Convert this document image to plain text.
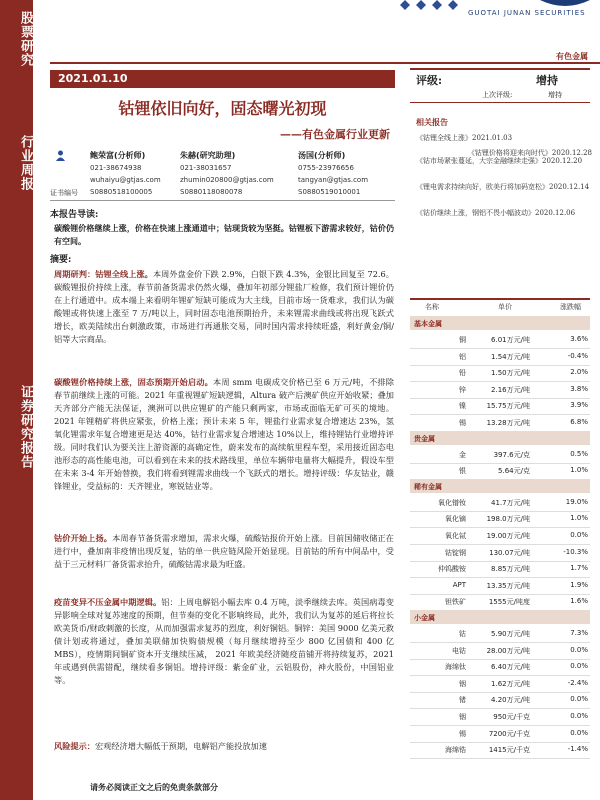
股票研究
行业周报
证券研究报告
GUOTAI JUNAN SECURITIES
有色金属
2021.01.10
钴锂依旧向好，固态曙光初现
——有色金属行业更新
鲍荣富(分析师)
021-38674938
wuhaiyu@gtjas.com
S0880518100005
朱赫(研究助理)
021-38031657
zhumin020800@gtjas.com
S0880118080078
汤国(分析师)
0755-23976656
tangyan@gtjas.com
S0880519010001
证书编号
本报告导读:
碳酸锂价格继续上涨，价格在快速上涨通道中；钴现货较为坚挺。钴锂板下游需求较好，钴价仍有空间。
摘要:
周期研判：钴锂全线上涨。本周外盘金价下跌 2.9%，白银下跌 4.3%，金银比回复至 72.6。碳酸锂报价持续上涨，春节前备货需求仍然火爆，叠加年初部分锂盐厂检修，我们预计锂价仍在上行通道中。成本端上来看明年锂矿短缺可能成为大主线，目前市场一货难求，我们认为碳酸锂或将快速上涨至 7 万/吨以上，同时固态电池预期抬升，未来锂需求曲线或将出现飞跃式增长，欧美陆续出台刺激政策，市场进行再通胀交易，同时国内需求持续旺盛，利好黄金/铜/铝等大宗商品。
碳酸锂价格持续上涨，固态预期开始启动。本周 smm 电碳成交价格已至 6 万元/吨，不排除春节前继续上涨的可能。2021 年重视锂矿短缺逻辑，Altura 破产后澳矿供应开始收紧；叠加天齐部分产能无法保证，澳洲可以供应锂矿的产能只剩两家，市场或面临无矿可买的境地。 2021 年锂精矿将供应紧张，价格上涨；预计未来 5 年，锂盐行业需求复合增速达 23%，氢氧化锂需求年复合增速更是达 40%，钴行业需求复合增速达 10%以上，维持锂钴行业增持评级。同时我们认为要关注上游资源的高确定性，蔚来发布的高续航里程车型，采用接近固态电池形态的高性能电池，可以看到在未来的技术路线里，单位车辆带电量将大幅提升，假设车型在未来 3-4 年开始替换，我们将看到锂需求曲线一个飞跃式的增长。增持评级：华友钴业，赣锋锂业，受益标的：天齐锂业，寒锐钴业等。
钴价开始上扬。本周春节备货需求增加，需求火爆，硫酸钴报价开始上涨。目前国储收储正在进行中，叠加南非疫情出现反复，钴的单一供应链风险开始显现。目前钴的所有中间品中，受益于三元材料厂备货需求抬升，硫酸钴需求最为旺盛。
疫苗变异不压金属中期逻辑。铝：上周电解铝小幅去库 0.4 万吨，淡季继续去库。英国病毒变异影响全球对复苏速度的预期，但节奏的变化不影响终局，此外，我们认为复苏的延后将拉长欧美货币/财政刺激的长度，从而加强需求复苏的烈度，利好铜铝。铜锌：美国 9000 亿美元救债计划或将通过，叠加美联储加快购债规模（每月继续增持至少 800 亿国债和 400 亿 MBS），疫情期间铜矿资本开支继续压减， 2021 年欧美经济随疫苗铺开将持续复苏，2021 年或遇到供需错配，继续看多铜铝。增持评级：紫金矿业，云铝股份，神火股份，中国铝业等。
风险提示：宏观经济增大幅低于预期，电解铝产能投放加速
评级:	增持
上次评级:	增持
相关报告
《钴锂全线上涨》2021.01.03
《钴锂价格将迎来向时代》2020.12.28
《钴市场紧张蔓延，大宗金融继续走强》2020.12.20
《锂电需求持续向好，欧美行将加码宽松》2020.12.14
《钴价继续上涨，钢铝不畏小幅波动》2020.12.06
名称	单价	涨跌幅
基本金属
铜	6.01万元/吨	3.6%
铝	1.54万元/吨	-0.4%
铅	1.50万元/吨	2.0%
锌	2.16万元/吨	3.8%
镍	15.75万元/吨	3.9%
锡	13.28万元/吨	6.8%
贵金属
金	397.6元/克	0.5%
银	5.64元/克	1.0%
稀有金属
氧化镨钕	41.7万元/吨	19.0%
氧化镝	198.0万元/吨	1.0%
氧化铽	19.00万元/吨	0.0%
钴锭钢	130.07元/吨	-10.3%
仲钨酸铵	8.85万元/吨	1.7%
APT	13.35万元/吨	1.9%
钽铁矿	1555元/吨度	1.6%
小金属
钴	5.90万元/吨	7.3%
电钴	28.00万元/吨	0.0%
海绵钛	6.40万元/吨	0.0%
铟	1.62万元/吨	-2.4%
锗	4.20万元/吨	0.0%
铟	950元/千克	0.0%
锡	7200元/千克	0.0%
海绵锆	1415元/千克	-1.4%
请务必阅读正文之后的免责条款部分
